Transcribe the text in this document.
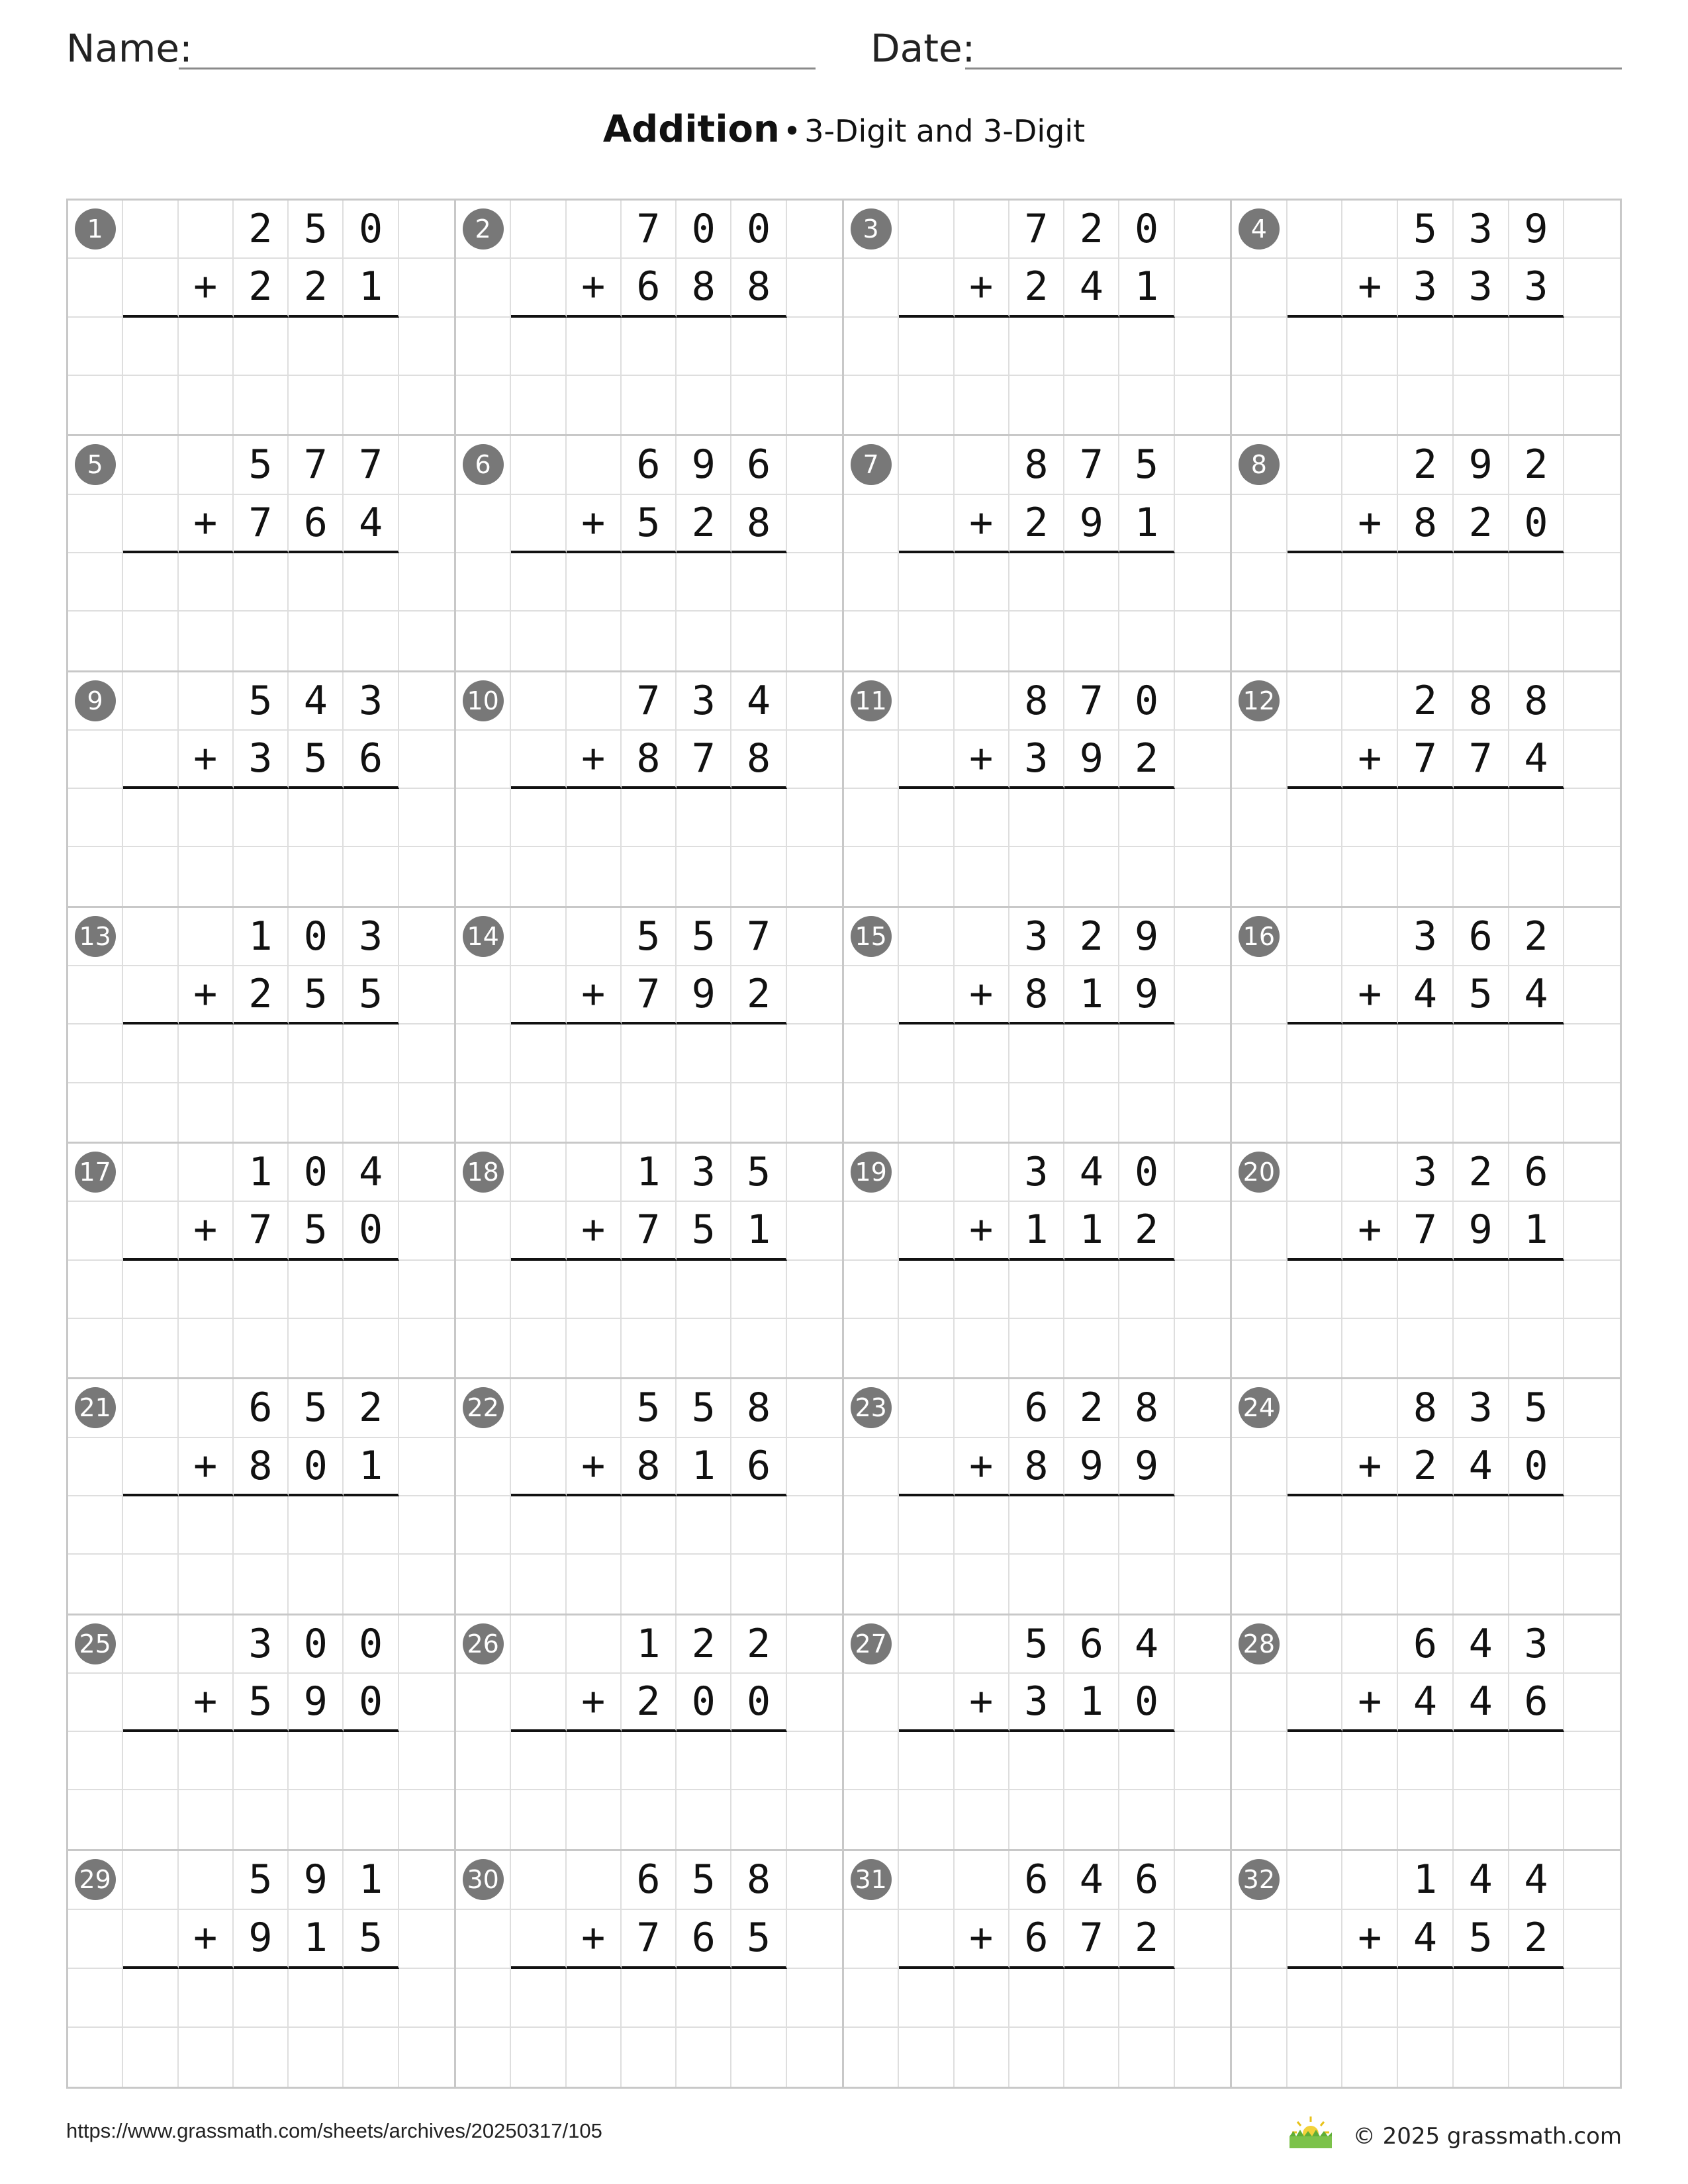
Name:	Date:
Addition • 3-Digit and 3-Digit
1	2 5 0
+ 2 2 1
2	7 0 0
+ 6 8 8
3	7 2 0
+ 2 4 1
4	5 3 9
+ 3 3 3
5	5 7 7
+ 7 6 4
6	6 9 6
+ 5 2 8
7	8 7 5
+ 2 9 1
8	2 9 2
+ 8 2 0
9	5 4 3
+ 3 5 6
10	7 3 4
+ 8 7 8
11	8 7 0
+ 3 9 2
12	2 8 8
+ 7 7 4
13	1 0 3
+ 2 5 5
14	5 5 7
+ 7 9 2
15	3 2 9
+ 8 1 9
16	3 6 2
+ 4 5 4
17	1 0 4
+ 7 5 0
18	1 3 5
+ 7 5 1
19	3 4 0
+ 1 1 2
20	3 2 6
+ 7 9 1
21	6 5 2
+ 8 0 1
22	5 5 8
+ 8 1 6
23	6 2 8
+ 8 9 9
24	8 3 5
+ 2 4 0
25	3 0 0
+ 5 9 0
26	1 2 2
+ 2 0 0
27	5 6 4
+ 3 1 0
28	6 4 3
+ 4 4 6
29	5 9 1
+ 9 1 5
30	6 5 8
+ 7 6 5
31	6 4 6
+ 6 7 2
32	1 4 4
+ 4 5 2
https://www.grassmath.com/sheets/archives/20250317/105	© 2025 grassmath.com
